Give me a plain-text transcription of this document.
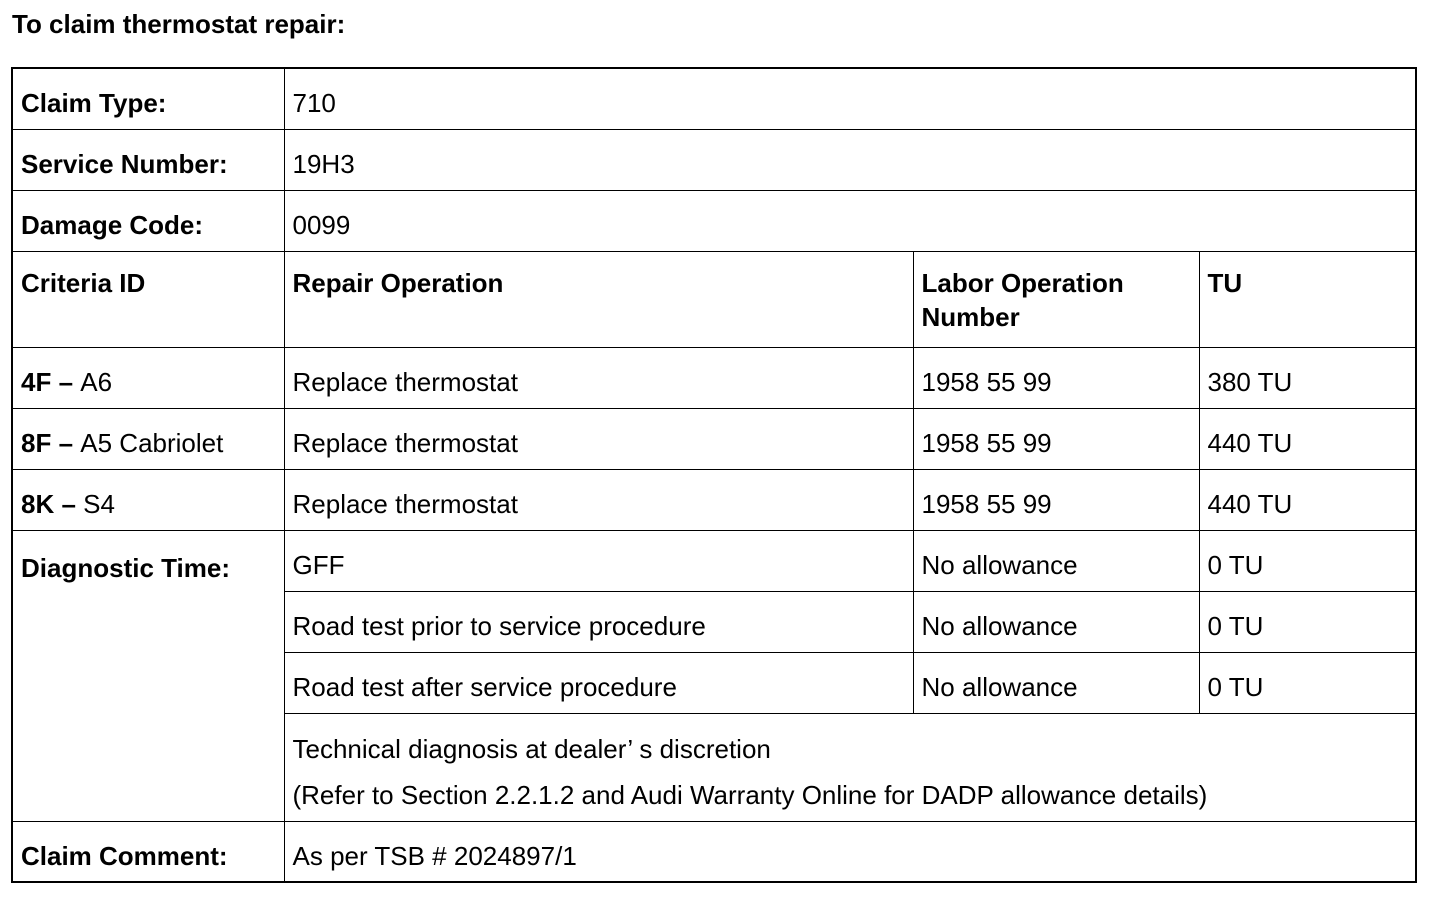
To claim thermostat repair:
Claim Type:	710		
Service Number:	19H3		
Damage Code:	0099		
Criteria ID	Repair Operation	Labor Operation Number	TU
4F – A6	Replace thermostat	1958 55 99	380 TU
8F – A5 Cabriolet	Replace thermostat	1958 55 99	440 TU
8K – S4	Replace thermostat	1958 55 99	440 TU
Diagnostic Time:	GFF	No allowance	0 TU
	Road test prior to service procedure	No allowance	0 TU
	Road test after service procedure	No allowance	0 TU

	Technical diagnosis at dealer’ s discretion
(Refer to Section 2.2.1.2 and Audi Warranty Online for DADP allowance details)		

Claim Comment:	As per TSB # 2024897/1		
